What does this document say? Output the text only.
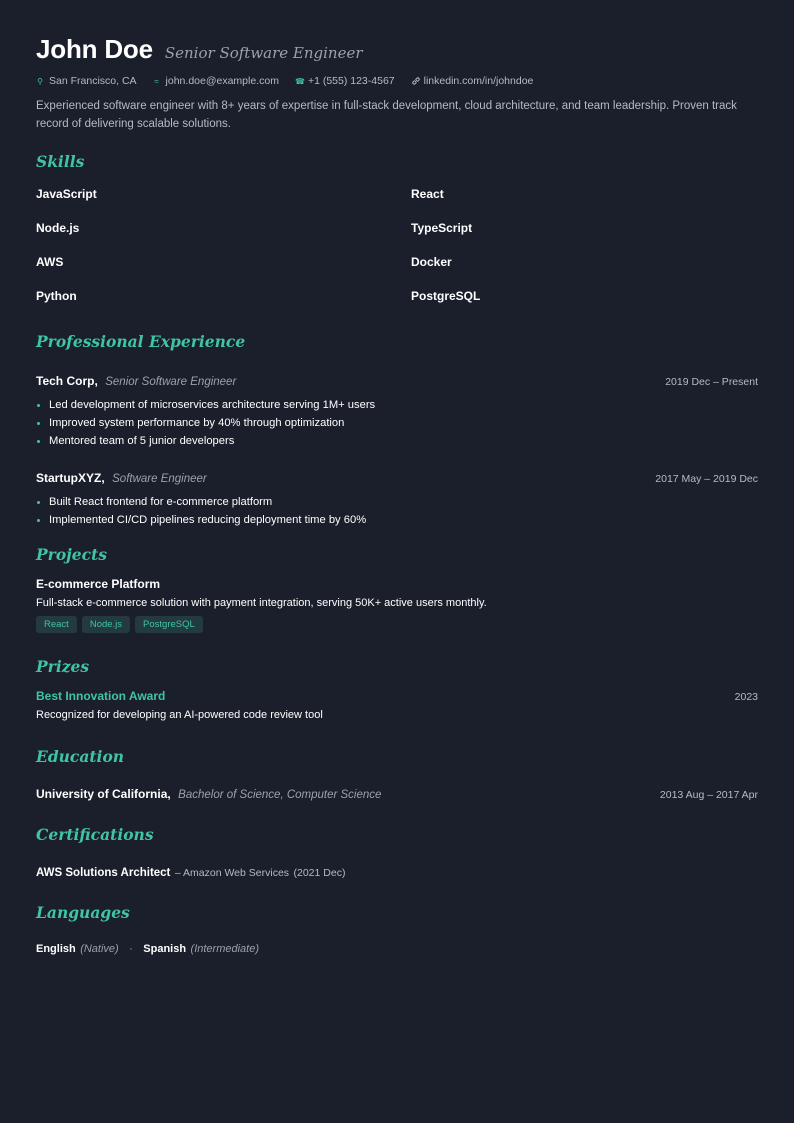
John Doe Senior Software Engineer
⚲ San Francisco, CA ≈ john.doe@example.com ☎ +1 (555) 123-4567	linkedin.com/in/johndoe
Experienced software engineer with 8+ years of expertise in full-stack development, cloud architecture, and team leadership. Proven track record of delivering scalable solutions.
Skills
JavaScript	React
Node.js	TypeScript
AWS	Docker
Python	PostgreSQL
Professional Experience
Tech Corp, Senior Software Engineer	2019 Dec – Present
Led development of microservices architecture serving 1M+ users
Improved system performance by 40% through optimization
Mentored team of 5 junior developers
StartupXYZ, Software Engineer	2017 May – 2019 Dec
Built React frontend for e-commerce platform
Implemented CI/CD pipelines reducing deployment time by 60%
Projects
E-commerce Platform
Full-stack e-commerce solution with payment integration, serving 50K+ active users monthly.
React	Node.js	PostgreSQL
Prizes
Best Innovation Award	2023
Recognized for developing an AI-powered code review tool
Education
University of California, Bachelor of Science, Computer Science	2013 Aug – 2017 Apr
Certifications
AWS Solutions Architect – Amazon Web Services (2021 Dec)
Languages
English (Native) · Spanish (Intermediate)
